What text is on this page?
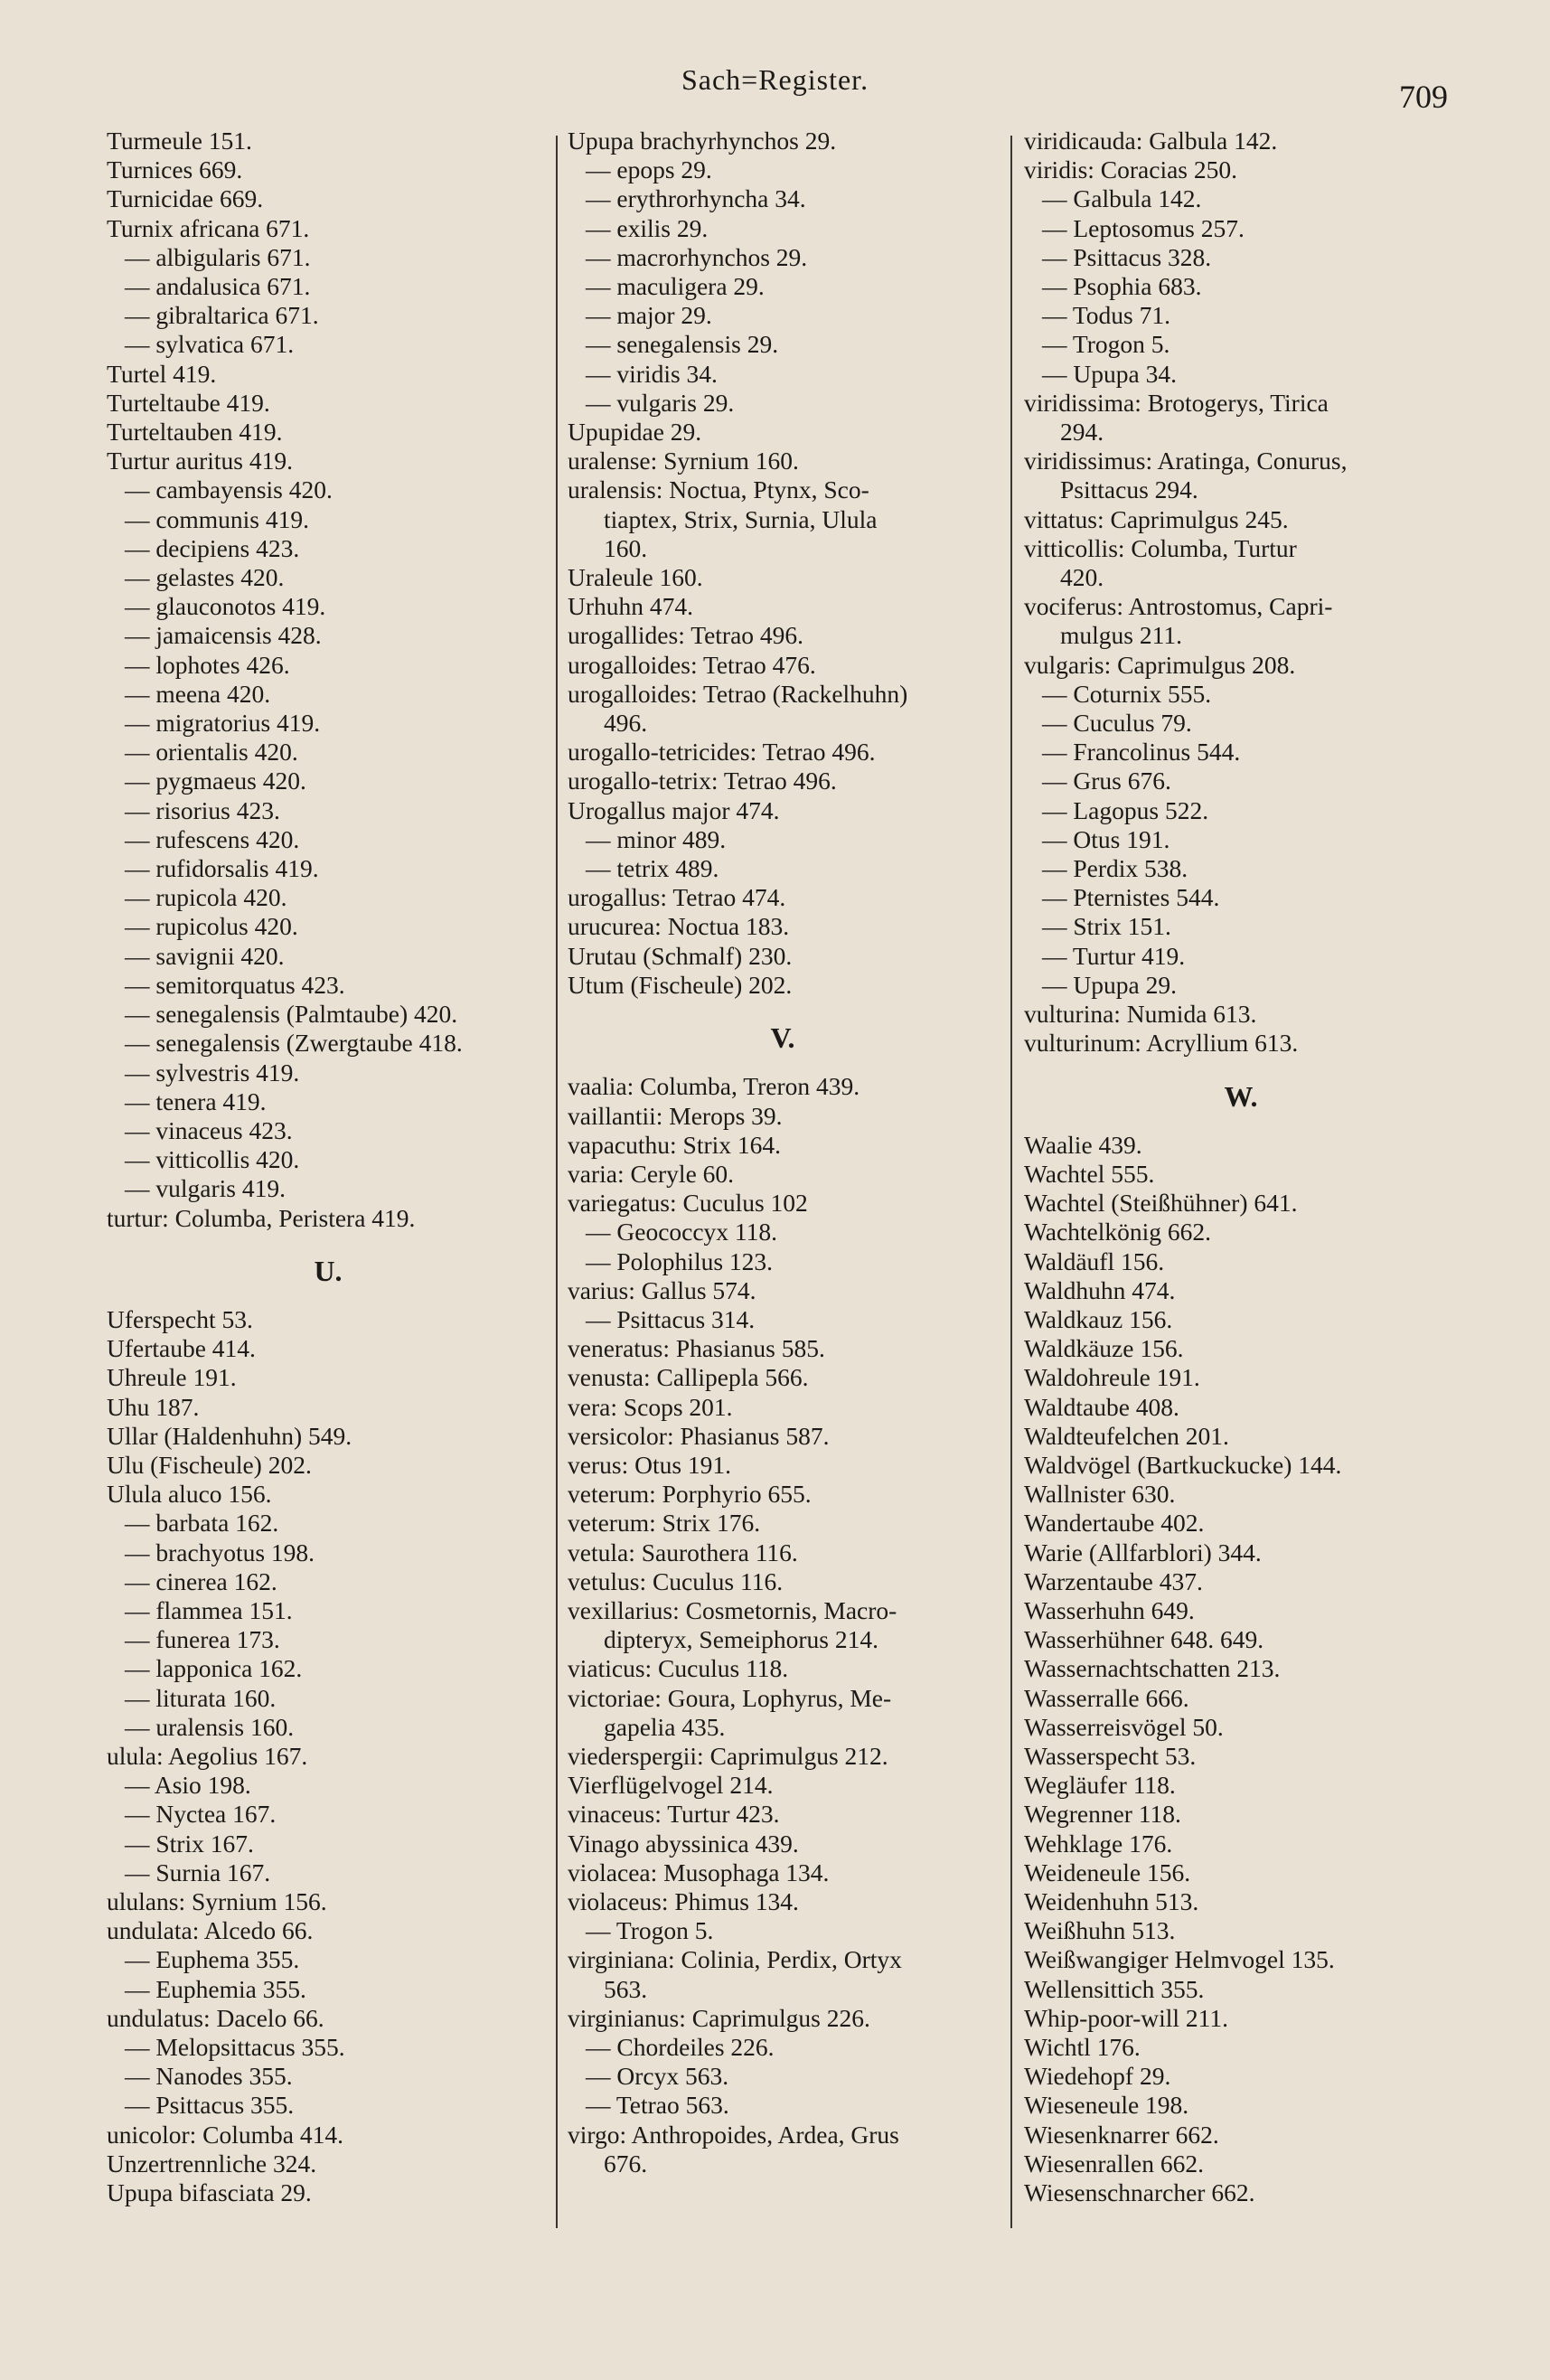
Sach=Register.	709
Turmeule 151.
Turnices 669.
Turnicidae 669.
Turnix africana 671.
— albigularis 671.
— andalusica 671.
— gibraltarica 671.
— sylvatica 671.
Turtel 419.
Turteltaube 419.
Turteltauben 419.
Turtur auritus 419.
— cambayensis 420.
— communis 419.
— decipiens 423.
— gelastes 420.
— glauconotos 419.
— jamaicensis 428.
— lophotes 426.
— meena 420.
— migratorius 419.
— orientalis 420.
— pygmaeus 420.
— risorius 423.
— rufescens 420.
— rufidorsalis 419.
— rupicola 420.
— rupicolus 420.
— savignii 420.
— semitorquatus 423.
— senegalensis (Palmtaube) 420.
— senegalensis (Zwergtaube 418.
— sylvestris 419.
— tenera 419.
— vinaceus 423.
— vitticollis 420.
— vulgaris 419.
turtur: Columba, Peristera 419.
U.
Uferspecht 53.
Ufertaube 414.
Uhreule 191.
Uhu 187.
Ullar (Haldenhuhn) 549.
Ulu (Fischeule) 202.
Ulula aluco 156.
— barbata 162.
— brachyotus 198.
— cinerea 162.
— flammea 151.
— funerea 173.
— lapponica 162.
— liturata 160.
— uralensis 160.
ulula: Aegolius 167.
— Asio 198.
— Nyctea 167.
— Strix 167.
— Surnia 167.
ululans: Syrnium 156.
undulata: Alcedo 66.
— Euphema 355.
— Euphemia 355.
undulatus: Dacelo 66.
— Melopsittacus 355.
— Nanodes 355.
— Psittacus 355.
unicolor: Columba 414.
Unzertrennliche 324.
Upupa bifasciata 29.
Upupa brachyrhynchos 29.
— epops 29.
— erythrorhyncha 34.
— exilis 29.
— macrorhynchos 29.
— maculigera 29.
— major 29.
— senegalensis 29.
— viridis 34.
— vulgaris 29.
Upupidae 29.
uralense: Syrnium 160.
uralensis: Noctua, Ptynx, Sco-
tiaptex, Strix, Surnia, Ulula
160.
Uraleule 160.
Urhuhn 474.
urogallides: Tetrao 496.
urogalloides: Tetrao 476.
urogalloides: Tetrao (Rackelhuhn)
496.
urogallo-tetricides: Tetrao 496.
urogallo-tetrix: Tetrao 496.
Urogallus major 474.
— minor 489.
— tetrix 489.
urogallus: Tetrao 474.
urucurea: Noctua 183.
Urutau (Schmalf) 230.
Utum (Fischeule) 202.
V.
vaalia: Columba, Treron 439.
vaillantii: Merops 39.
vapacuthu: Strix 164.
varia: Ceryle 60.
variegatus: Cuculus 102
— Geococcyx 118.
— Polophilus 123.
varius: Gallus 574.
— Psittacus 314.
veneratus: Phasianus 585.
venusta: Callipepla 566.
vera: Scops 201.
versicolor: Phasianus 587.
verus: Otus 191.
veterum: Porphyrio 655.
veterum: Strix 176.
vetula: Saurothera 116.
vetulus: Cuculus 116.
vexillarius: Cosmetornis, Macro-
dipteryx, Semeiphorus 214.
viaticus: Cuculus 118.
victoriae: Goura, Lophyrus, Me-
gapelia 435.
viederspergii: Caprimulgus 212.
Vierflügelvogel 214.
vinaceus: Turtur 423.
Vinago abyssinica 439.
violacea: Musophaga 134.
violaceus: Phimus 134.
— Trogon 5.
virginiana: Colinia, Perdix, Ortyx
563.
virginianus: Caprimulgus 226.
— Chordeiles 226.
— Orcyx 563.
— Tetrao 563.
virgo: Anthropoides, Ardea, Grus
676.
viridicauda: Galbula 142.
viridis: Coracias 250.
— Galbula 142.
— Leptosomus 257.
— Psittacus 328.
— Psophia 683.
— Todus 71.
— Trogon 5.
— Upupa 34.
viridissima: Brotogerys, Tirica
294.
viridissimus: Aratinga, Conurus,
Psittacus 294.
vittatus: Caprimulgus 245.
vitticollis: Columba, Turtur
420.
vociferus: Antrostomus, Capri-
mulgus 211.
vulgaris: Caprimulgus 208.
— Coturnix 555.
— Cuculus 79.
— Francolinus 544.
— Grus 676.
— Lagopus 522.
— Otus 191.
— Perdix 538.
— Pternistes 544.
— Strix 151.
— Turtur 419.
— Upupa 29.
vulturina: Numida 613.
vulturinum: Acryllium 613.
W.
Waalie 439.
Wachtel 555.
Wachtel (Steißhühner) 641.
Wachtelkönig 662.
Waldäufl 156.
Waldhuhn 474.
Waldkauz 156.
Waldkäuze 156.
Waldohreule 191.
Waldtaube 408.
Waldteufelchen 201.
Waldvögel (Bartkuckucke) 144.
Wallnister 630.
Wandertaube 402.
Warie (Allfarblori) 344.
Warzentaube 437.
Wasserhuhn 649.
Wasserhühner 648. 649.
Wassernachtschatten 213.
Wasserralle 666.
Wasserreisvögel 50.
Wasserspecht 53.
Wegläufer 118.
Wegrenner 118.
Wehklage 176.
Weideneule 156.
Weidenhuhn 513.
Weißhuhn 513.
Weißwangiger Helmvogel 135.
Wellensittich 355.
Whip-poor-will 211.
Wichtl 176.
Wiedehopf 29.
Wieseneule 198.
Wiesenknarrer 662.
Wiesenrallen 662.
Wiesenschnarcher 662.
